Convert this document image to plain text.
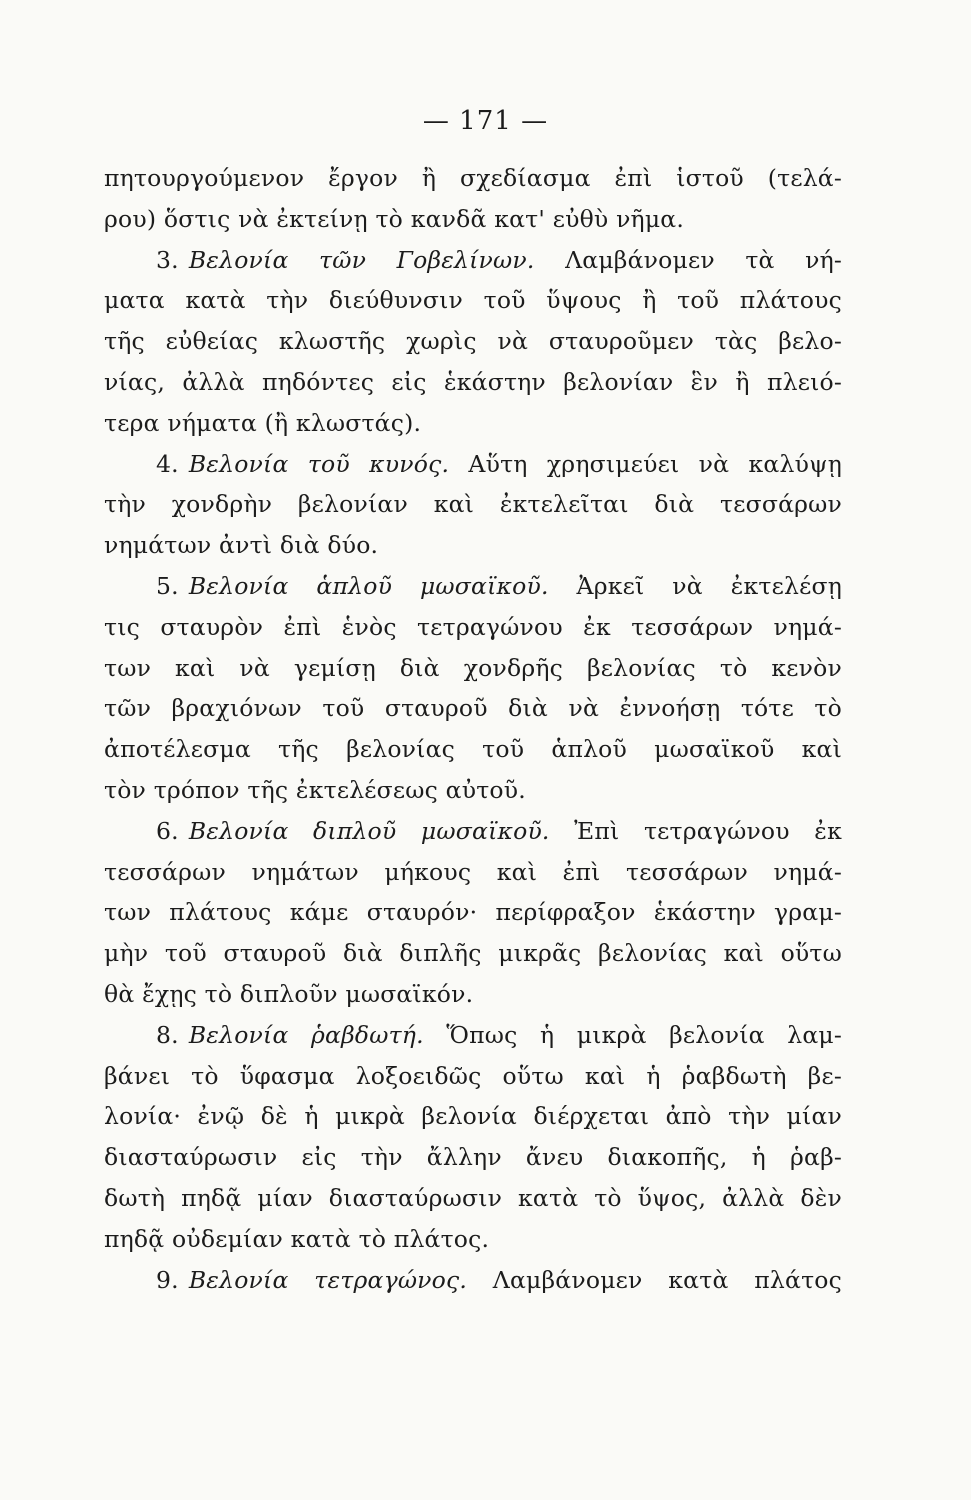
— 171 —
πητουργούμενον ἔργον ἢ σχεδίασμα ἐπὶ ἱστοῦ (τελά-
ρου) ὅστις νὰ ἐκτείνῃ τὸ κανδᾶ κατ' εὐθὺ νῆμα.
3. Βελονία τῶν Γοβελίνων. Λαμβάνομεν τὰ νή-
ματα κατὰ τὴν διεύθυνσιν τοῦ ὕψους ἢ τοῦ πλάτους
τῆς εὐθείας κλωστῆς χωρὶς νὰ σταυροῦμεν τὰς βελο-
νίας, ἀλλὰ πηδόντες εἰς ἑκάστην βελονίαν ἓν ἢ πλειό-
τερα νήματα (ἢ κλωστάς).
4. Βελονία τοῦ κυνός. Αὕτη χρησιμεύει νὰ καλύψῃ
τὴν χονδρὴν βελονίαν καὶ ἐκτελεῖται διὰ τεσσάρων
νημάτων ἀντὶ διὰ δύο.
5. Βελονία ἁπλοῦ μωσαϊκοῦ. Ἀρκεῖ νὰ ἐκτελέσῃ
τις σταυρὸν ἐπὶ ἑνὸς τετραγώνου ἐκ τεσσάρων νημά-
των καὶ νὰ γεμίσῃ διὰ χονδρῆς βελονίας τὸ κενὸν
τῶν βραχιόνων τοῦ σταυροῦ διὰ νὰ ἐννοήσῃ τότε τὸ
ἀποτέλεσμα τῆς βελονίας τοῦ ἁπλοῦ μωσαϊκοῦ καὶ
τὸν τρόπον τῆς ἐκτελέσεως αὐτοῦ.
6. Βελονία διπλοῦ μωσαϊκοῦ. Ἐπὶ τετραγώνου ἐκ
τεσσάρων νημάτων μήκους καὶ ἐπὶ τεσσάρων νημά-
των πλάτους κάμε σταυρόν· περίφραξον ἑκάστην γραμ-
μὴν τοῦ σταυροῦ διὰ διπλῆς μικρᾶς βελονίας καὶ οὕτω
θὰ ἔχῃς τὸ διπλοῦν μωσαϊκόν.
8. Βελονία ῥαβδωτή. Ὅπως ἡ μικρὰ βελονία λαμ-
βάνει τὸ ὕφασμα λοξοειδῶς οὕτω καὶ ἡ ῥαβδωτὴ βε-
λονία· ἐνῷ δὲ ἡ μικρὰ βελονία διέρχεται ἀπὸ τὴν μίαν
διασταύρωσιν εἰς τὴν ἄλλην ἄνευ διακοπῆς, ἡ ῥαβ-
δωτὴ πηδᾷ μίαν διασταύρωσιν κατὰ τὸ ὕψος, ἀλλὰ δὲν
πηδᾷ οὐδεμίαν κατὰ τὸ πλάτος.
9. Βελονία τετραγώνος. Λαμβάνομεν κατὰ πλάτος
